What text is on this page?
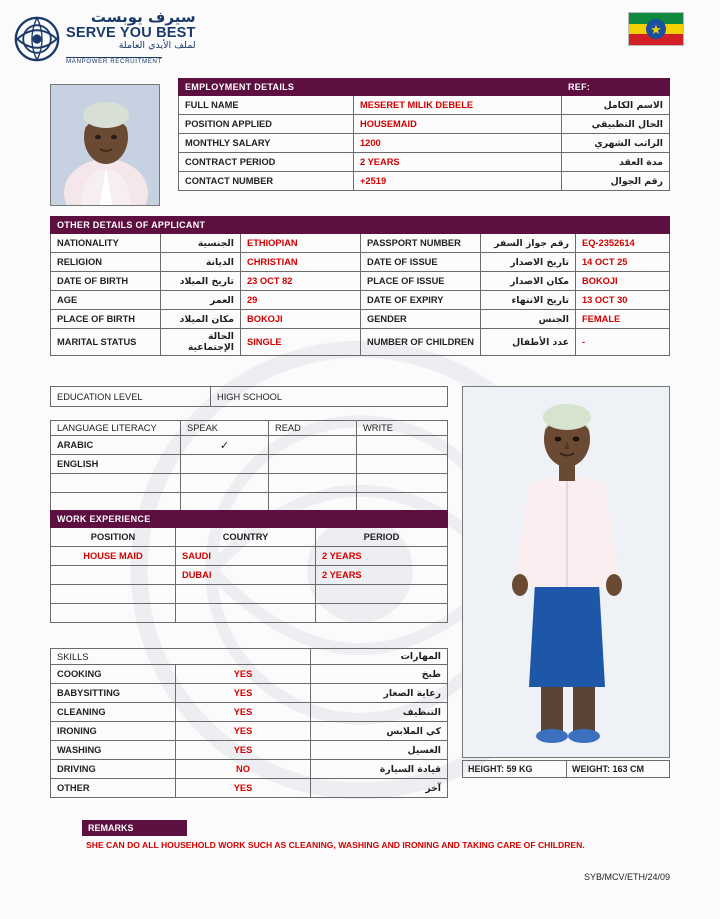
سيرف يوبست
SERVE YOU BEST
لملف الأيدي العاملة
MANPOWER RECRUITMENT
★
EMPLOYMENT DETAILS		REF:
FULL NAME	MESERET MILIK DEBELE	الاسم الكامل
POSITION APPLIED	HOUSEMAID	الحال التطبيقي
MONTHLY SALARY	1200	الراتب الشهري
CONTRACT PERIOD	2 YEARS	مدة العقد
CONTACT NUMBER	+2519	رقم الجوال
OTHER DETAILS OF APPLICANT					
NATIONALITY	الجنسية	ETHIOPIAN	PASSPORT NUMBER	رقم جواز السفر	EQ-2352614
RELIGION	الديانة	CHRISTIAN	DATE OF ISSUE	تاريخ الاصدار	14 OCT 25
DATE OF BIRTH	تاريخ الميلاد	23 OCT 82	PLACE OF ISSUE	مكان الاصدار	BOKOJI
AGE	العمر	29	DATE OF EXPIRY	تاريخ الانتهاء	13 OCT 30
PLACE OF BIRTH	مكان الميلاد	BOKOJI	GENDER	الجنس	FEMALE
MARITAL STATUS	الحالة الإجتماعية	SINGLE	NUMBER OF CHILDREN	عدد الأطفال	-
EDUCATION LEVEL	HIGH SCHOOL
LANGUAGE LITERACY	SPEAK	READ	WRITE
ARABIC	✓		
ENGLISH			

WORK EXPERIENCE		
POSITION	COUNTRY	PERIOD
HOUSE MAID	SAUDI	2 YEARS
	DUBAI	2 YEARS

SKILLS		المهارات
COOKING	YES	طبخ
BABYSITTING	YES	رعاية الصغار
CLEANING	YES	التنظيف
IRONING	YES	كي الملابس
WASHING	YES	الغسيل
DRIVING	NO	قيادة السيارة
OTHER	YES	آخر
HEIGHT: 59 KG	WEIGHT: 163 CM
REMARKS
SHE CAN DO ALL HOUSEHOLD WORK SUCH AS CLEANING, WASHING AND IRONING AND TAKING CARE OF CHILDREN.
SYB/MCV/ETH/24/09
